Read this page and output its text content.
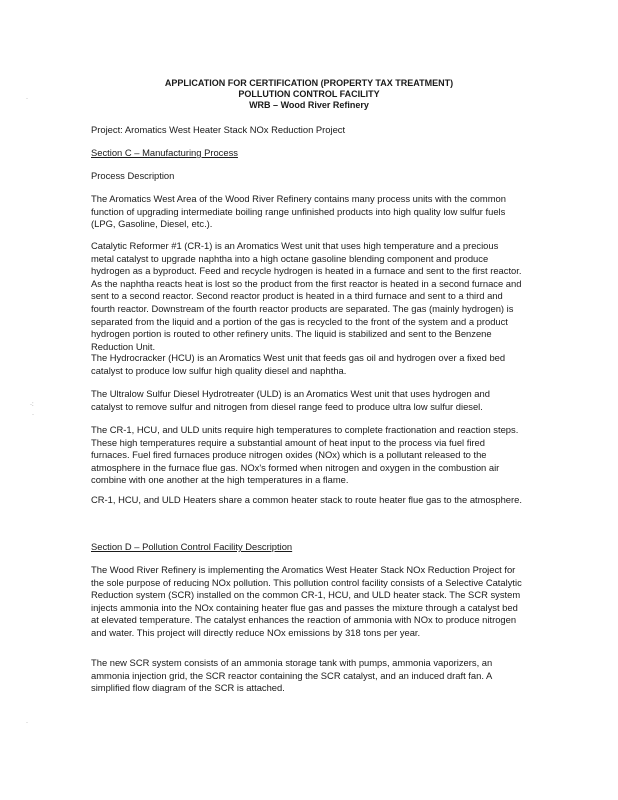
·
·:
·
·
APPLICATION FOR CERTIFICATION (PROPERTY TAX TREATMENT)
POLLUTION CONTROL FACILITY
WRB – Wood River Refinery
Project: Aromatics West Heater Stack NOx Reduction Project
Section C – Manufacturing Process
Process Description
The Aromatics West Area of the Wood River Refinery contains many process units with the common function of upgrading intermediate boiling range unfinished products into high quality low sulfur fuels (LPG, Gasoline, Diesel, etc.).
Catalytic Reformer #1 (CR-1) is an Aromatics West unit that uses high temperature and a precious metal catalyst to upgrade naphtha into a high octane gasoline blending component and produce hydrogen as a byproduct. Feed and recycle hydrogen is heated in a furnace and sent to the first reactor. As the naphtha reacts heat is lost so the product from the first reactor is heated in a second furnace and sent to a second reactor. Second reactor product is heated in a third furnace and sent to a third and fourth reactor. Downstream of the fourth reactor products are separated. The gas (mainly hydrogen) is separated from the liquid and a portion of the gas is recycled to the front of the system and a product hydrogen portion is routed to other refinery units. The liquid is stabilized and sent to the Benzene Reduction Unit.
The Hydrocracker (HCU) is an Aromatics West unit that feeds gas oil and hydrogen over a fixed bed catalyst to produce low sulfur high quality diesel and naphtha.
The Ultralow Sulfur Diesel Hydrotreater (ULD) is an Aromatics West unit that uses hydrogen and catalyst to remove sulfur and nitrogen from diesel range feed to produce ultra low sulfur diesel.
The CR-1, HCU, and ULD units require high temperatures to complete fractionation and reaction steps. These high temperatures require a substantial amount of heat input to the process via fuel fired furnaces. Fuel fired furnaces produce nitrogen oxides (NOx) which is a pollutant released to the atmosphere in the furnace flue gas. NOx's formed when nitrogen and oxygen in the combustion air combine with one another at the high temperatures in a flame.
CR-1, HCU, and ULD Heaters share a common heater stack to route heater flue gas to the atmosphere.
Section D – Pollution Control Facility Description
The Wood River Refinery is implementing the Aromatics West Heater Stack NOx Reduction Project for the sole purpose of reducing NOx pollution. This pollution control facility consists of a Selective Catalytic Reduction system (SCR) installed on the common CR-1, HCU, and ULD heater stack. The SCR system injects ammonia into the NOx containing heater flue gas and passes the mixture through a catalyst bed at elevated temperature. The catalyst enhances the reaction of ammonia with NOx to produce nitrogen and water. This project will directly reduce NOx emissions by 318 tons per year.
The new SCR system consists of an ammonia storage tank with pumps, ammonia vaporizers, an ammonia injection grid, the SCR reactor containing the SCR catalyst, and an induced draft fan. A simplified flow diagram of the SCR is attached.
